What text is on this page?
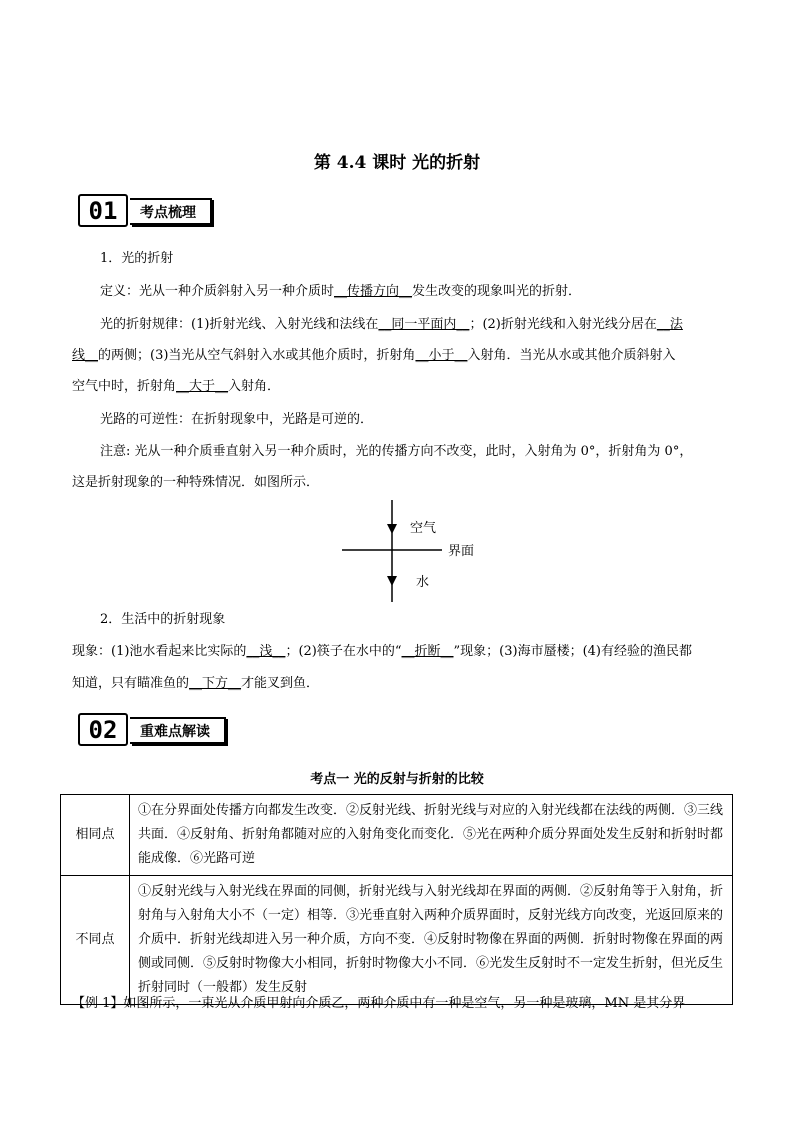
第 4.4 课时 光的折射
01	考点梳理
1．光的折射
定义：光从一种介质斜射入另一种介质时__传播方向__发生改变的现象叫光的折射．
光的折射规律：(1)折射光线、入射光线和法线在__同一平面内__；(2)折射光线和入射光线分居在__法
线__的两侧；(3)当光从空气斜射入水或其他介质时，折射角__小于__入射角．当光从水或其他介质斜射入
空气中时，折射角__大于__入射角．
光路的可逆性：在折射现象中，光路是可逆的．
注意: 光从一种介质垂直射入另一种介质时，光的传播方向不改变，此时，入射角为 0°，折射角为 0°，
这是折射现象的一种特殊情况．如图所示．
空气
界面
水
2．生活中的折射现象
现象：(1)池水看起来比实际的__浅__；(2)筷子在水中的“__折断__”现象；(3)海市蜃楼；(4)有经验的渔民都
知道，只有瞄准鱼的__下方__才能叉到鱼．
02	重难点解读
考点一 光的反射与折射的比较
相同点	①在分界面处传播方向都发生改变．②反射光线、折射光线与对应的入射光线都在法线的两侧．③三线共面．④反射角、折射角都随对应的入射角变化而变化．⑤光在两种介质分界面处发生反射和折射时都能成像．⑥光路可逆
不同点	①反射光线与入射光线在界面的同侧，折射光线与入射光线却在界面的两侧．②反射角等于入射角，折射角与入射角大小不（一定）相等．③光垂直射入两种介质界面时，反射光线方向改变，光返回原来的介质中．折射光线却进入另一种介质，方向不变．④反射时物像在界面的两侧．折射时物像在界面的两侧或同侧．⑤反射时物像大小相同，折射时物像大小不同．⑥光发生反射时不一定发生折射，但光反生折射同时（一般都）发生反射
【例 1】如图所示，一束光从介质甲射向介质乙，两种介质中有一种是空气，另一种是玻璃，MN 是其分界
